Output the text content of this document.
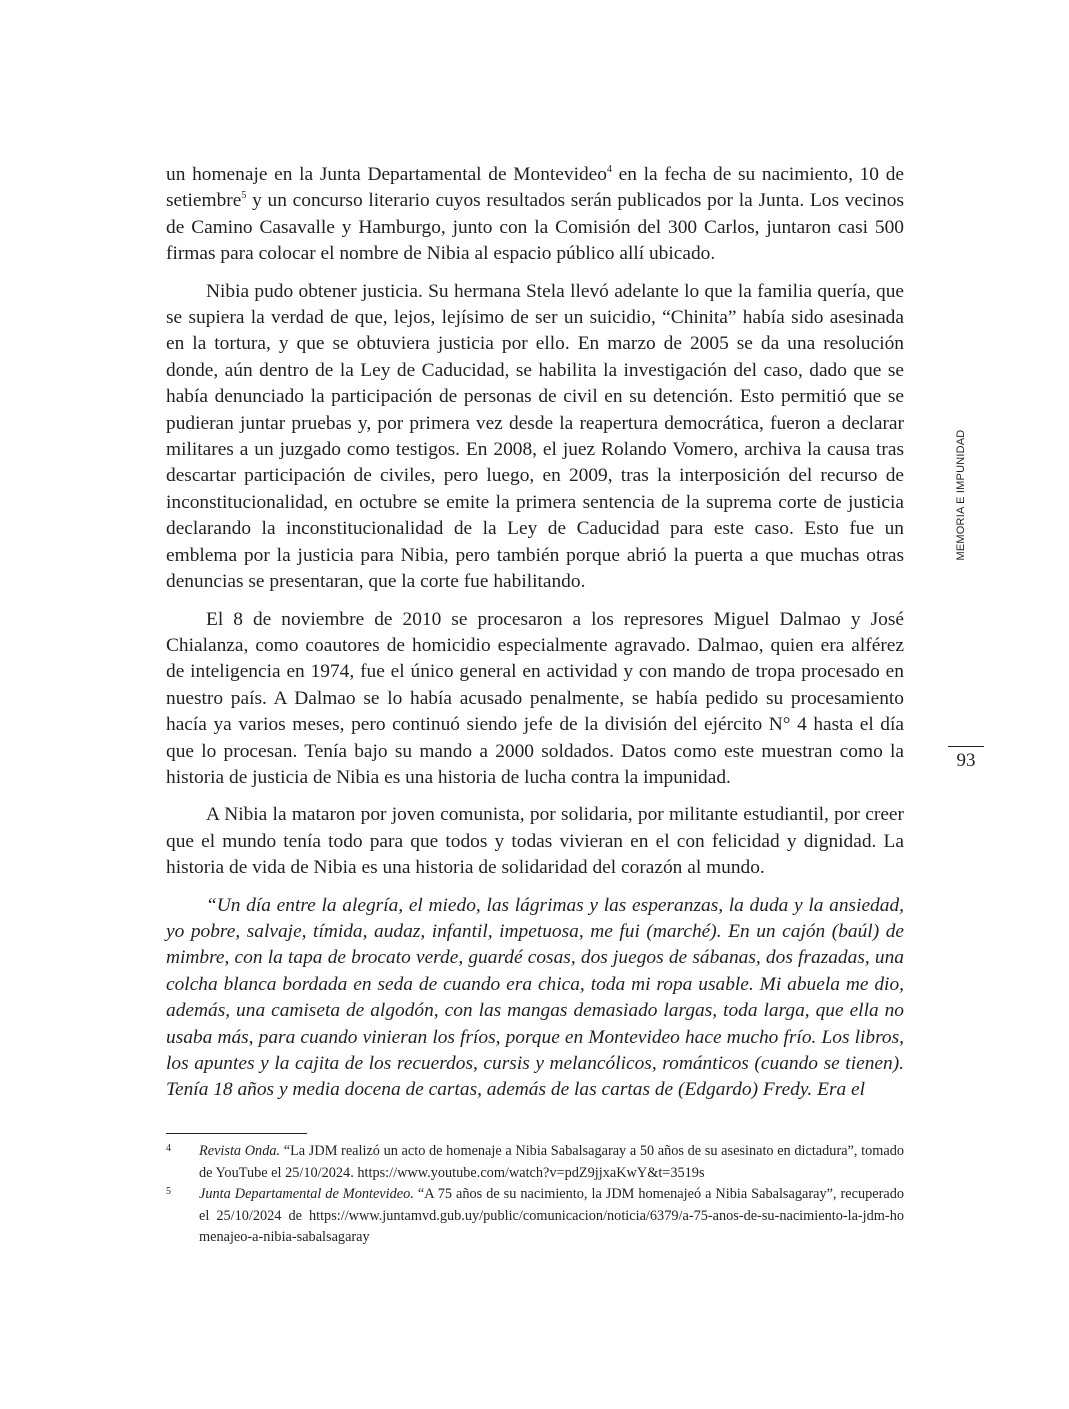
un homenaje en la Junta Departamental de Montevideo$^4$ en la fecha de su nacimiento, 10 de setiembre$^5$ y un concurso literario cuyos resultados serán publicados por la Junta. Los vecinos de Camino Casavalle y Hamburgo, junto con la Comisión del 300 Carlos, juntaron casi 500 firmas para colocar el nombre de Nibia al espacio público allí ubicado.

Nibia pudo obtener justicia. Su hermana Stela llevó adelante lo que la familia quería, que se supiera la verdad de que, lejos, lejísimo de ser un suicidio, “Chinita” había sido asesinada en la tortura, y que se obtuviera justicia por ello. En marzo de 2005 se da una resolución donde, aún dentro de la Ley de Caducidad, se habilita la investigación del caso, dado que se había denunciado la participación de personas de civil en su detención. Esto permitió que se pudieran juntar pruebas y, por primera vez desde la reapertura democrática, fueron a declarar militares a un juzgado como testigos. En 2008, el juez Rolando Vomero, archiva la causa tras descartar participación de civiles, pero luego, en 2009, tras la interposición del recurso de inconstitucionalidad, en octubre se emite la primera sentencia de la suprema corte de justicia declarando la inconstitucionalidad de la Ley de Caducidad para este caso. Esto fue un emblema por la justicia para Nibia, pero también porque abrió la puerta a que muchas otras denuncias se presentaran, que la corte fue habilitando.

El 8 de noviembre de 2010 se procesaron a los represores Miguel Dalmao y José Chialanza, como coautores de homicidio especialmente agravado. Dalmao, quien era alférez de inteligencia en 1974, fue el único general en actividad y con mando de tropa procesado en nuestro país. A Dalmao se lo había acusado penalmente, se había pedido su procesamiento hacía ya varios meses, pero continuó siendo jefe de la división del ejército N° 4 hasta el día que lo procesan. Tenía bajo su mando a 2000 soldados. Datos como este muestran como la historia de justicia de Nibia es una historia de lucha contra la impunidad.

A Nibia la mataron por joven comunista, por solidaria, por militante estudiantil, por creer que el mundo tenía todo para que todos y todas vivieran en el con felicidad y dignidad. La historia de vida de Nibia es una historia de solidaridad del corazón al mundo.

“Un día entre la alegría, el miedo, las lágrimas y las esperanzas, la duda y la ansiedad, yo pobre, salvaje, tímida, audaz, infantil, impetuosa, me fui (marché). En un cajón (baúl) de mimbre, con la tapa de brocato verde, guardé cosas, dos juegos de sábanas, dos frazadas, una colcha blanca bordada en seda de cuando era chica, toda mi ropa usable. Mi abuela me dio, además, una camiseta de algodón, con las mangas demasiado largas, toda larga, que ella no usaba más, para cuando vinieran los fríos, porque en Montevideo hace mucho frío. Los libros, los apuntes y la cajita de los recuerdos, cursis y melancólicos, románticos (cuando se tienen). Tenía 18 años y media docena de cartas, además de las cartas de (Edgardo) Fredy. Era el

MEMORIA E IMPUNIDAD
93

4 Revista Onda. “La JDM realizó un acto de homenaje a Nibia Sabalsagaray a 50 años de su asesinato en dictadura”, tomado de YouTube el 25/10/2024. https://www.youtube.com/watch?v=pdZ9jjxaKwY&t=3519s

5 Junta Departamental de Montevideo. “A 75 años de su nacimiento, la JDM homenajeó a Nibia Sabalsagaray”, recuperado el 25/10/2024 de https://www.juntamvd.gub.uy/public/comunicacion/noticia/6379/a-75-anos-de-su-nacimiento-la-jdm-homenajeo-a-nibia-sabalsagaray
